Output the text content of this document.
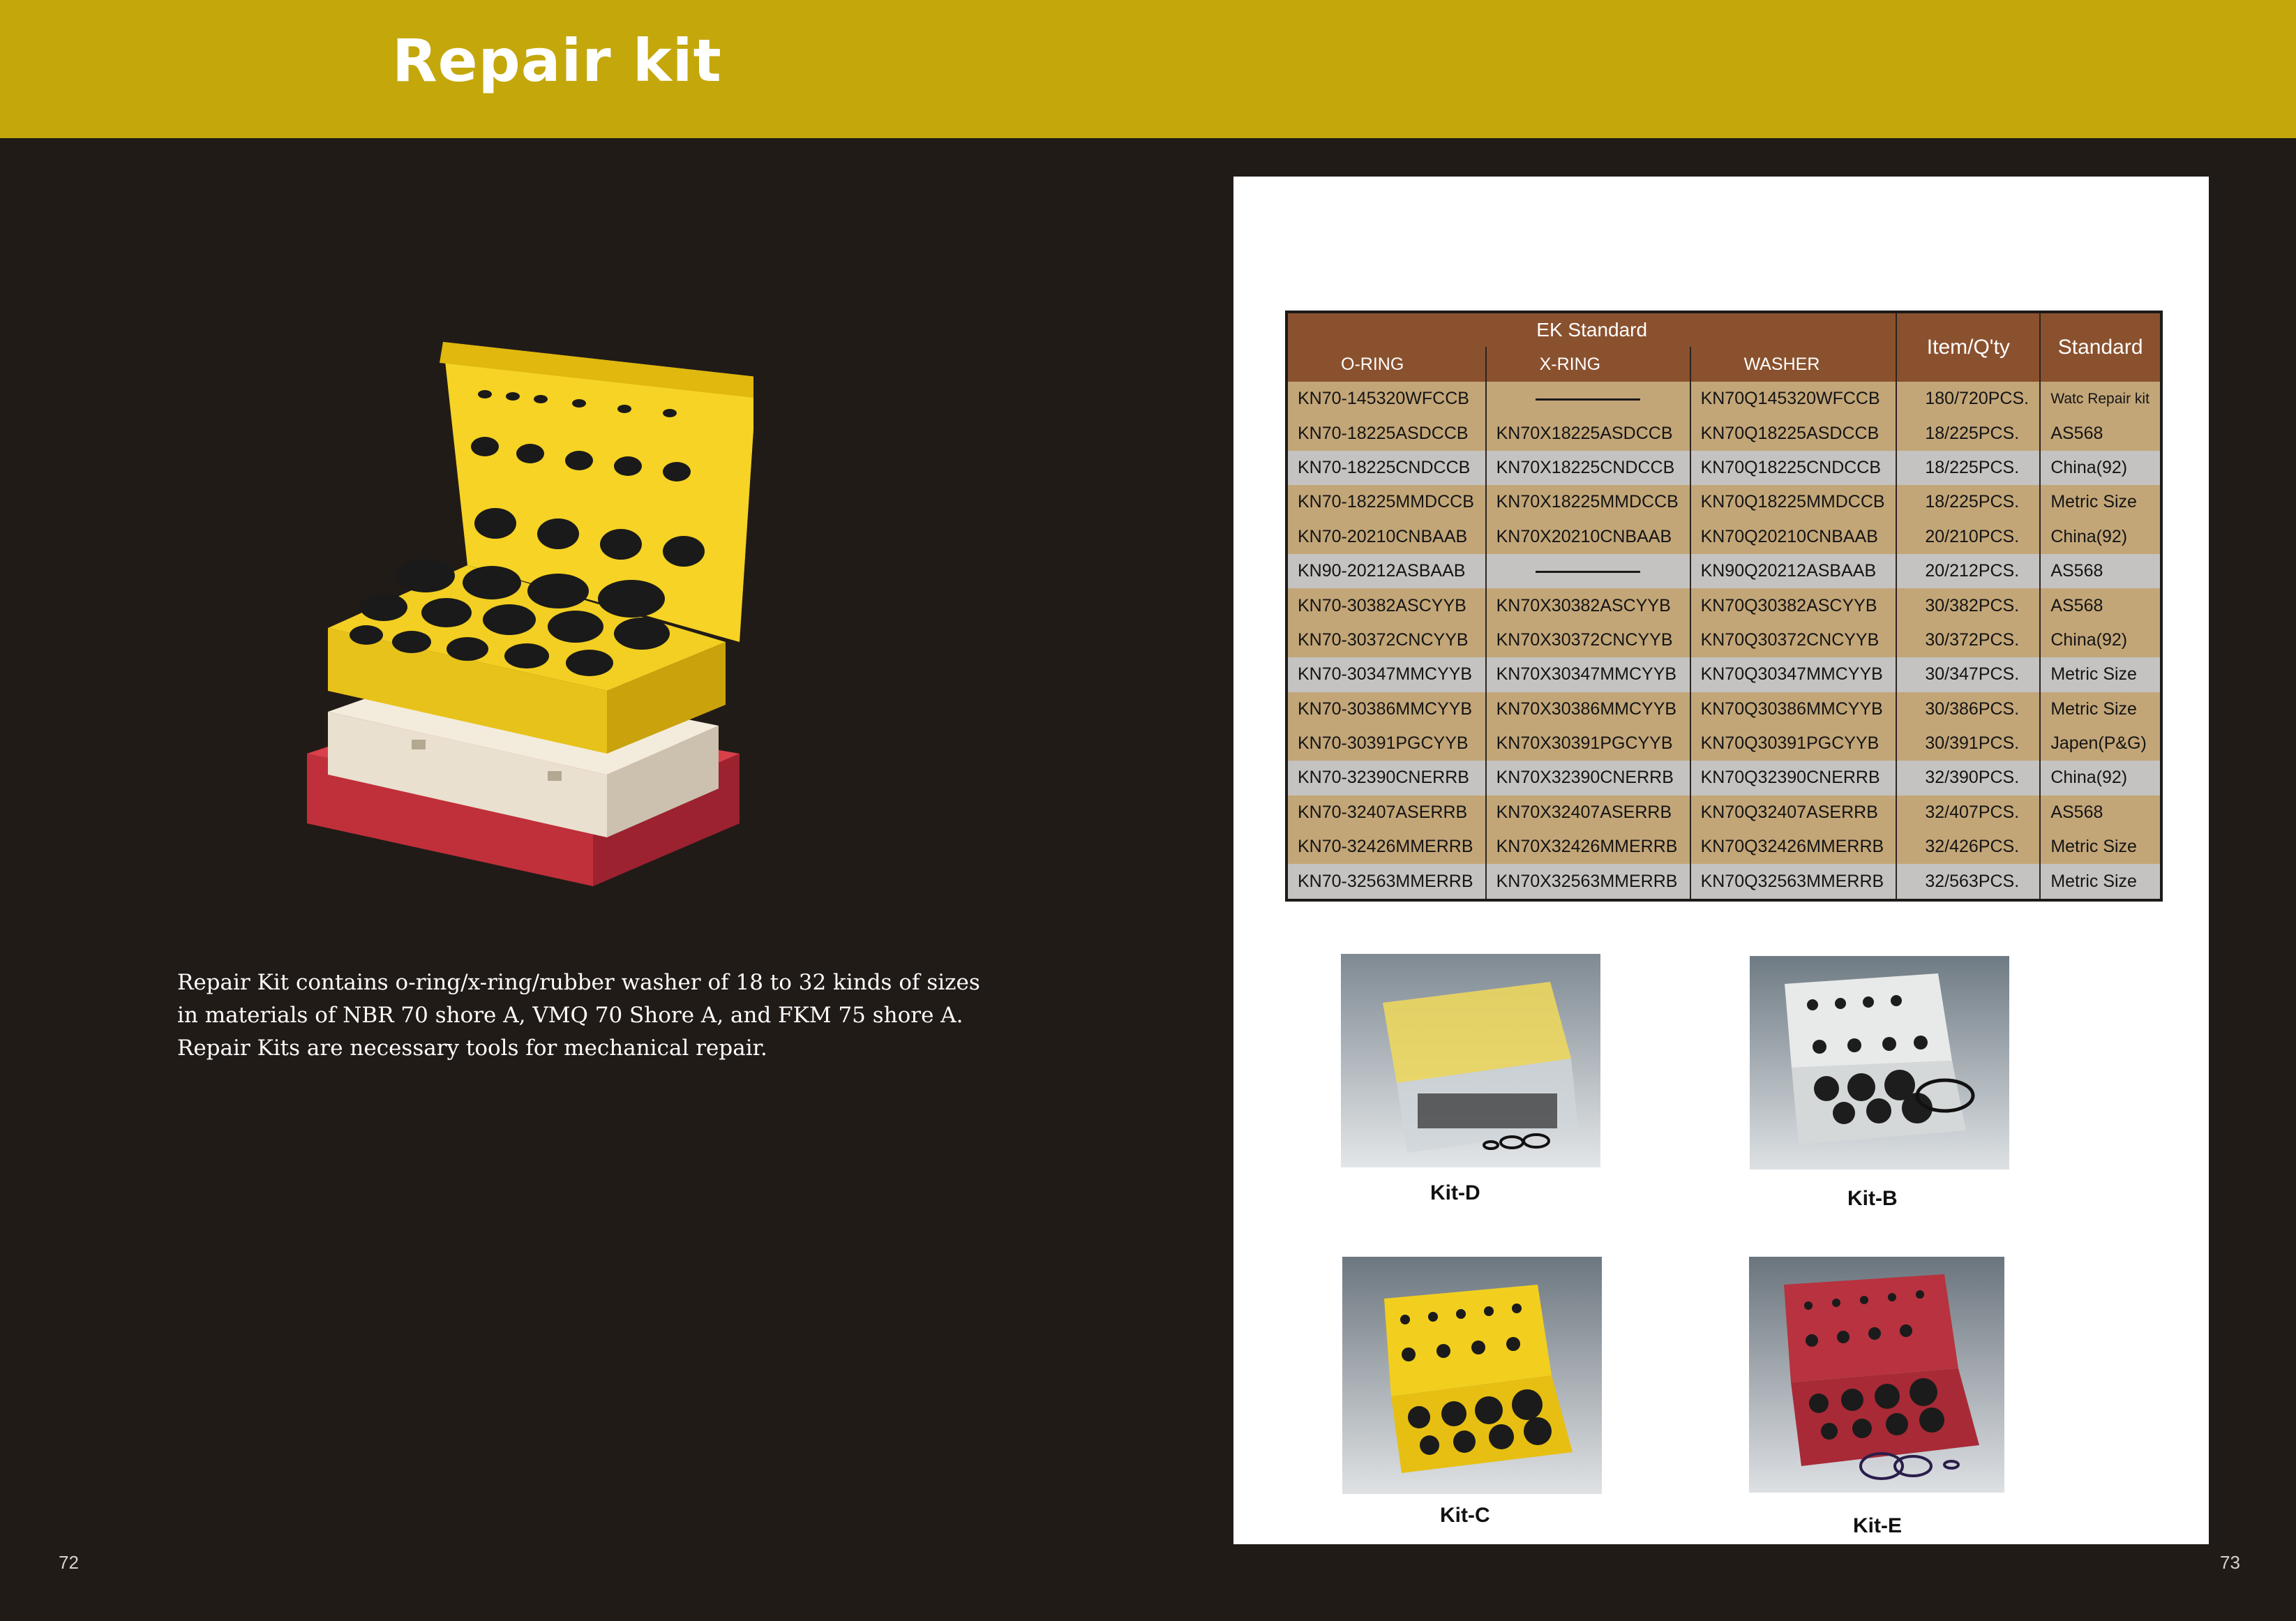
Repair kit

Repair Kit contains o-ring/x-ring/rubber washer of 18 to 32 kinds of sizes

in materials of NBR 70 shore A, VMQ 70 Shore A, and FKM 75 shore A.

Repair Kits are necessary tools for mechanical repair.

72	73
EK Standard			Item/Q'ty	Standard
O-RING	X-RING	WASHER		
KN70-145320WFCCB		KN70Q145320WFCCB	180/720PCS.	Watc Repair kit
KN70-18225ASDCCB	KN70X18225ASDCCB	KN70Q18225ASDCCB	18/225PCS.	AS568
KN70-18225CNDCCB	KN70X18225CNDCCB	KN70Q18225CNDCCB	18/225PCS.	China(92)
KN70-18225MMDCCB	KN70X18225MMDCCB	KN70Q18225MMDCCB	18/225PCS.	Metric Size
KN70-20210CNBAAB	KN70X20210CNBAAB	KN70Q20210CNBAAB	20/210PCS.	China(92)
KN90-20212ASBAAB		KN90Q20212ASBAAB	20/212PCS.	AS568
KN70-30382ASCYYB	KN70X30382ASCYYB	KN70Q30382ASCYYB	30/382PCS.	AS568
KN70-30372CNCYYB	KN70X30372CNCYYB	KN70Q30372CNCYYB	30/372PCS.	China(92)
KN70-30347MMCYYB	KN70X30347MMCYYB	KN70Q30347MMCYYB	30/347PCS.	Metric Size
KN70-30386MMCYYB	KN70X30386MMCYYB	KN70Q30386MMCYYB	30/386PCS.	Metric Size
KN70-30391PGCYYB	KN70X30391PGCYYB	KN70Q30391PGCYYB	30/391PCS.	Japen(P&G)
KN70-32390CNERRB	KN70X32390CNERRB	KN70Q32390CNERRB	32/390PCS.	China(92)
KN70-32407ASERRB	KN70X32407ASERRB	KN70Q32407ASERRB	32/407PCS.	AS568
KN70-32426MMERRB	KN70X32426MMERRB	KN70Q32426MMERRB	32/426PCS.	Metric Size
KN70-32563MMERRB	KN70X32563MMERRB	KN70Q32563MMERRB	32/563PCS.	Metric Size
Kit-D	Kit-B
Kit-C	Kit-E
